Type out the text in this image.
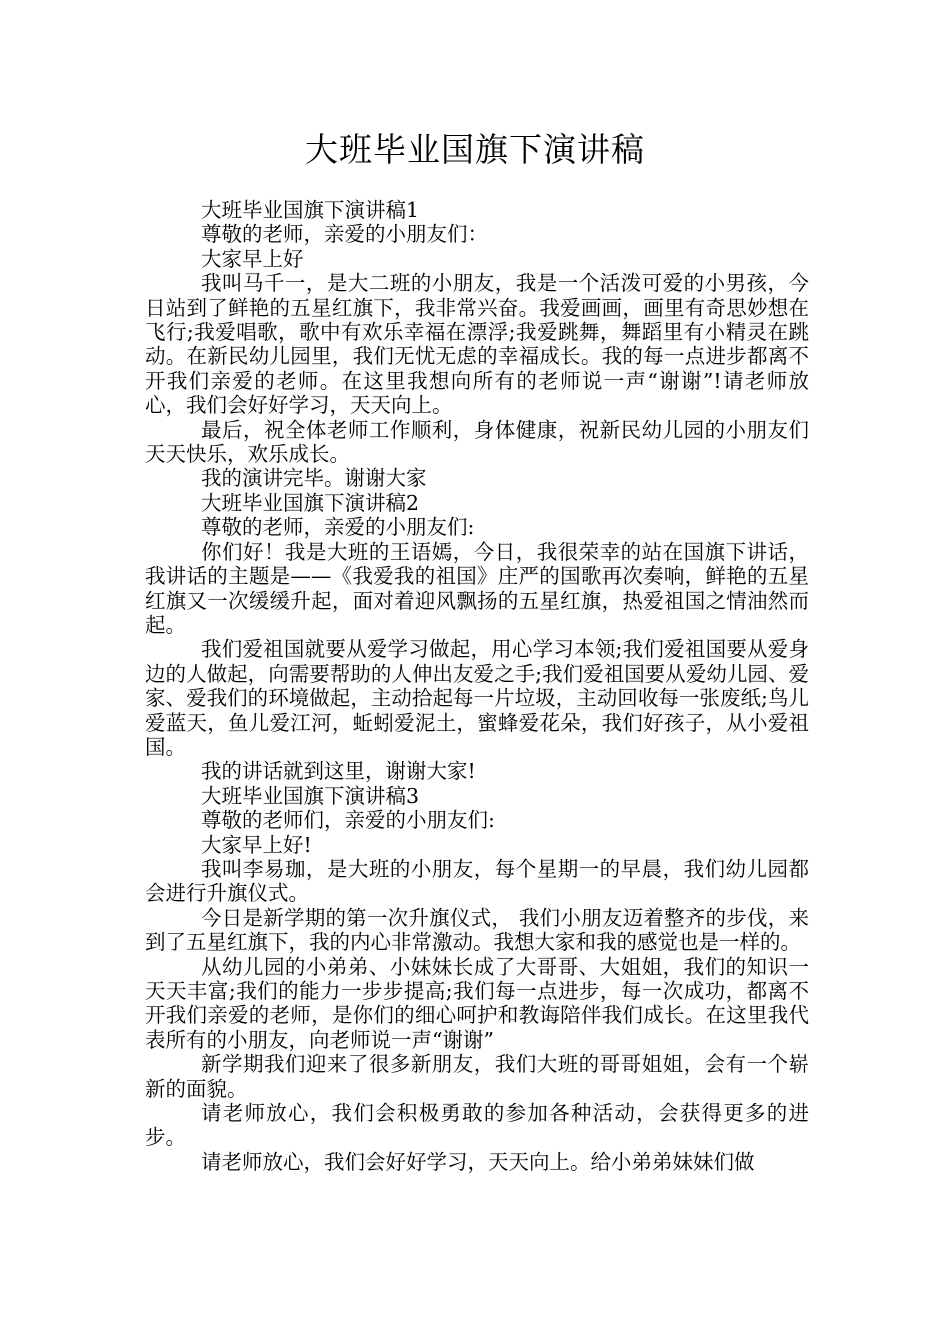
大班毕业国旗下演讲稿

大班毕业国旗下演讲稿1

尊敬的老师，亲爱的小朋友们：

大家早上好

我叫马千一，是大二班的小朋友，我是一个活泼可爱的小男孩，今日站到了鲜艳的五星红旗下，我非常兴奋。我爱画画，画里有奇思妙想在飞行;我爱唱歌，歌中有欢乐幸福在漂浮;我爱跳舞，舞蹈里有小精灵在跳动。在新民幼儿园里，我们无忧无虑的幸福成长。我的每一点进步都离不开我们亲爱的老师。在这里我想向所有的老师说一声“谢谢”!请老师放心，我们会好好学习，天天向上。

最后，祝全体老师工作顺利，身体健康，祝新民幼儿园的小朋友们天天快乐，欢乐成长。

我的演讲完毕。谢谢大家

大班毕业国旗下演讲稿2

尊敬的老师，亲爱的小朋友们:

你们好！我是大班的王语嫣，今日，我很荣幸的站在国旗下讲话，我讲话的主题是——《我爱我的祖国》庄严的国歌再次奏响，鲜艳的五星红旗又一次缓缓升起，面对着迎风飘扬的五星红旗，热爱祖国之情油然而起。

我们爱祖国就要从爱学习做起，用心学习本领;我们爱祖国要从爱身边的人做起，向需要帮助的人伸出友爱之手;我们爱祖国要从爱幼儿园、爱家、爱我们的环境做起，主动拾起每一片垃圾，主动回收每一张废纸;鸟儿爱蓝天，鱼儿爱江河，蚯蚓爱泥土，蜜蜂爱花朵，我们好孩子，从小爱祖国。

我的讲话就到这里，谢谢大家!

大班毕业国旗下演讲稿3

尊敬的老师们，亲爱的小朋友们:

大家早上好!

我叫李易珈，是大班的小朋友，每个星期一的早晨，我们幼儿园都会进行升旗仪式。

今日是新学期的第一次升旗仪式， 我们小朋友迈着整齐的步伐，来到了五星红旗下，我的内心非常激动。我想大家和我的感觉也是一样的。

从幼儿园的小弟弟、小妹妹长成了大哥哥、大姐姐，我们的知识一天天丰富;我们的能力一步步提高;我们每一点进步，每一次成功，都离不开我们亲爱的老师，是你们的细心呵护和教诲陪伴我们成长。在这里我代表所有的小朋友，向老师说一声“谢谢”

新学期我们迎来了很多新朋友，我们大班的哥哥姐姐，会有一个崭新的面貌。

请老师放心，我们会积极勇敢的参加各种活动，会获得更多的进步。

请老师放心，我们会好好学习，天天向上。给小弟弟妹妹们做
